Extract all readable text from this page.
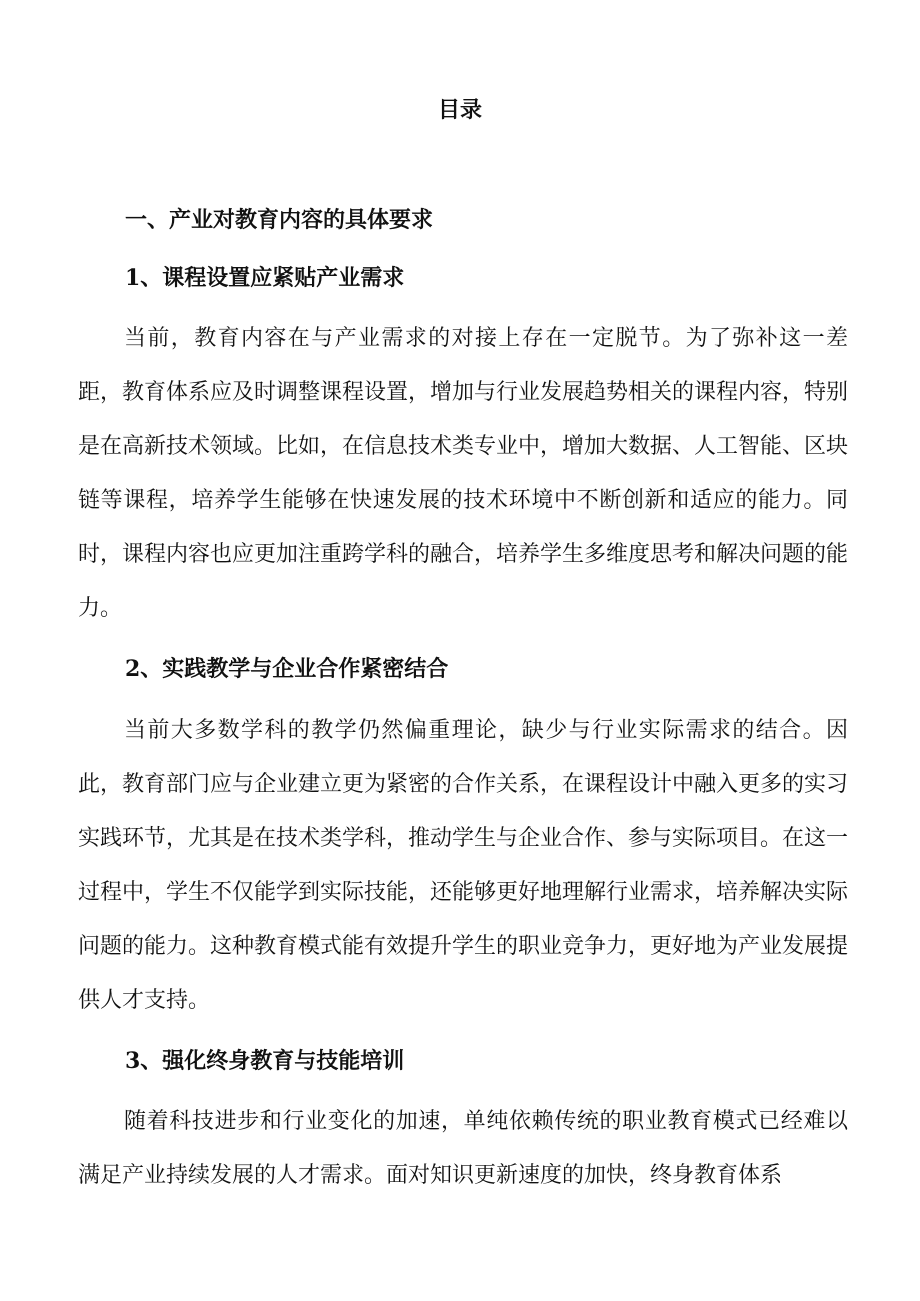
目录
一、产业对教育内容的具体要求
1、课程设置应紧贴产业需求

当前，教育内容在与产业需求的对接上存在一定脱节。为了弥补这一差距，教育体系应及时调整课程设置，增加与行业发展趋势相关的课程内容，特别是在高新技术领域。比如，在信息技术类专业中，增加大数据、人工智能、区块链等课程，培养学生能够在快速发展的技术环境中不断创新和适应的能力。同时，课程内容也应更加注重跨学科的融合，培养学生多维度思考和解决问题的能力。

2、实践教学与企业合作紧密结合

当前大多数学科的教学仍然偏重理论，缺少与行业实际需求的结合。因此，教育部门应与企业建立更为紧密的合作关系，在课程设计中融入更多的实习实践环节，尤其是在技术类学科，推动学生与企业合作、参与实际项目。在这一过程中，学生不仅能学到实际技能，还能够更好地理解行业需求，培养解决实际问题的能力。这种教育模式能有效提升学生的职业竞争力，更好地为产业发展提供人才支持。

3、强化终身教育与技能培训

随着科技进步和行业变化的加速，单纯依赖传统的职业教育模式已经难以满足产业持续发展的人才需求。面对知识更新速度的加快，终身教育体系
